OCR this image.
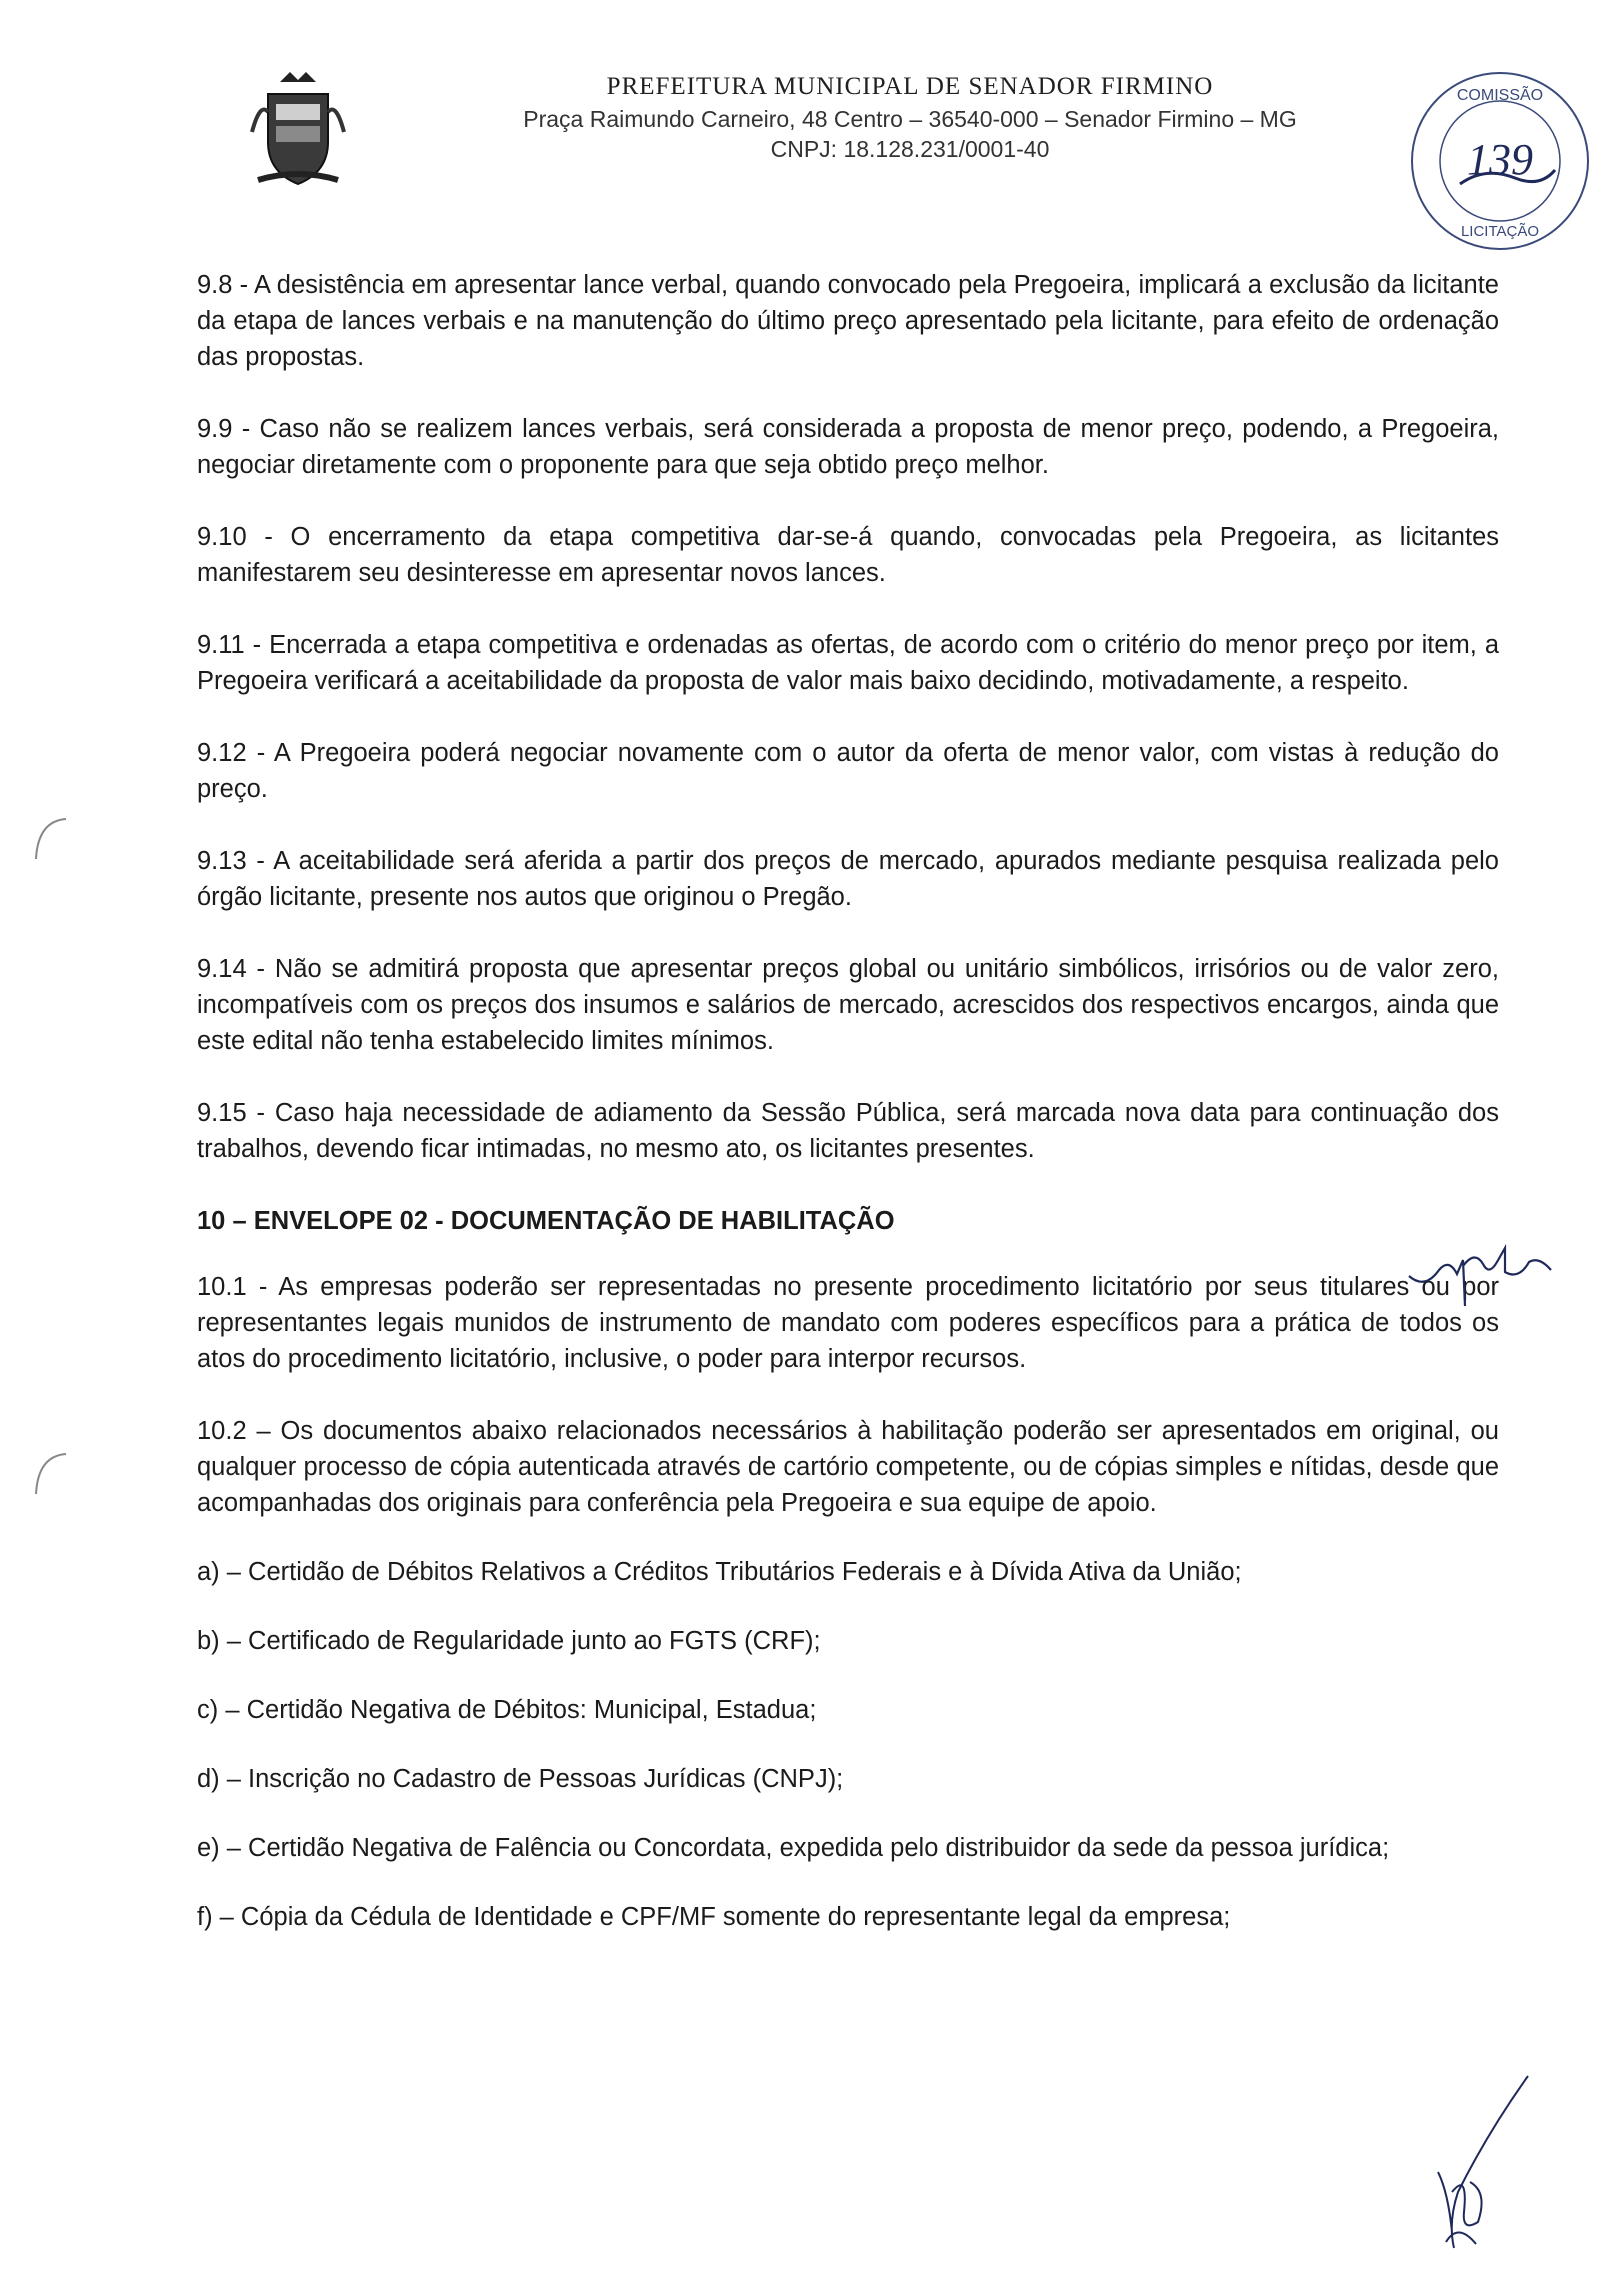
PREFEITURA MUNICIPAL DE SENADOR FIRMINO
Praça Raimundo Carneiro, 48 Centro – 36540-000 – Senador Firmino – MG
CNPJ: 18.128.231/0001-40
COMISSÃO
139
LICITAÇÃO

9.8 - A desistência em apresentar lance verbal, quando convocado pela Pregoeira, implicará a exclusão da licitante da etapa de lances verbais e na manutenção do último preço apresentado pela licitante, para efeito de ordenação das propostas.

9.9 - Caso não se realizem lances verbais, será considerada a proposta de menor preço, podendo, a Pregoeira, negociar diretamente com o proponente para que seja obtido preço melhor.

9.10 - O encerramento da etapa competitiva dar-se-á quando, convocadas pela Pregoeira, as licitantes manifestarem seu desinteresse em apresentar novos lances.

9.11 - Encerrada a etapa competitiva e ordenadas as ofertas, de acordo com o critério do menor preço por item, a Pregoeira verificará a aceitabilidade da proposta de valor mais baixo decidindo, motivadamente, a respeito.

9.12 - A Pregoeira poderá negociar novamente com o autor da oferta de menor valor, com vistas à redução do preço.

9.13 - A aceitabilidade será aferida a partir dos preços de mercado, apurados mediante pesquisa realizada pelo órgão licitante, presente nos autos que originou o Pregão.

9.14 - Não se admitirá proposta que apresentar preços global ou unitário simbólicos, irrisórios ou de valor zero, incompatíveis com os preços dos insumos e salários de mercado, acrescidos dos respectivos encargos, ainda que este edital não tenha estabelecido limites mínimos.

9.15 - Caso haja necessidade de adiamento da Sessão Pública, será marcada nova data para continuação dos trabalhos, devendo ficar intimadas, no mesmo ato, os licitantes presentes.

10 – ENVELOPE 02 - DOCUMENTAÇÃO DE HABILITAÇÃO

10.1 - As empresas poderão ser representadas no presente procedimento licitatório por seus titulares ou por representantes legais munidos de instrumento de mandato com poderes específicos para a prática de todos os atos do procedimento licitatório, inclusive, o poder para interpor recursos.

10.2 – Os documentos abaixo relacionados necessários à habilitação poderão ser apresentados em original, ou qualquer processo de cópia autenticada através de cartório competente, ou de cópias simples e nítidas, desde que acompanhadas dos originais para conferência pela Pregoeira e sua equipe de apoio.

a) – Certidão de Débitos Relativos a Créditos Tributários Federais e à Dívida Ativa da União;

b) – Certificado de Regularidade junto ao FGTS (CRF);

c) – Certidão Negativa de Débitos: Municipal, Estadua;

d) – Inscrição no Cadastro de Pessoas Jurídicas (CNPJ);

e) – Certidão Negativa de Falência ou Concordata, expedida pelo distribuidor da sede da pessoa jurídica;

f) – Cópia da Cédula de Identidade e CPF/MF somente do representante legal da empresa;
